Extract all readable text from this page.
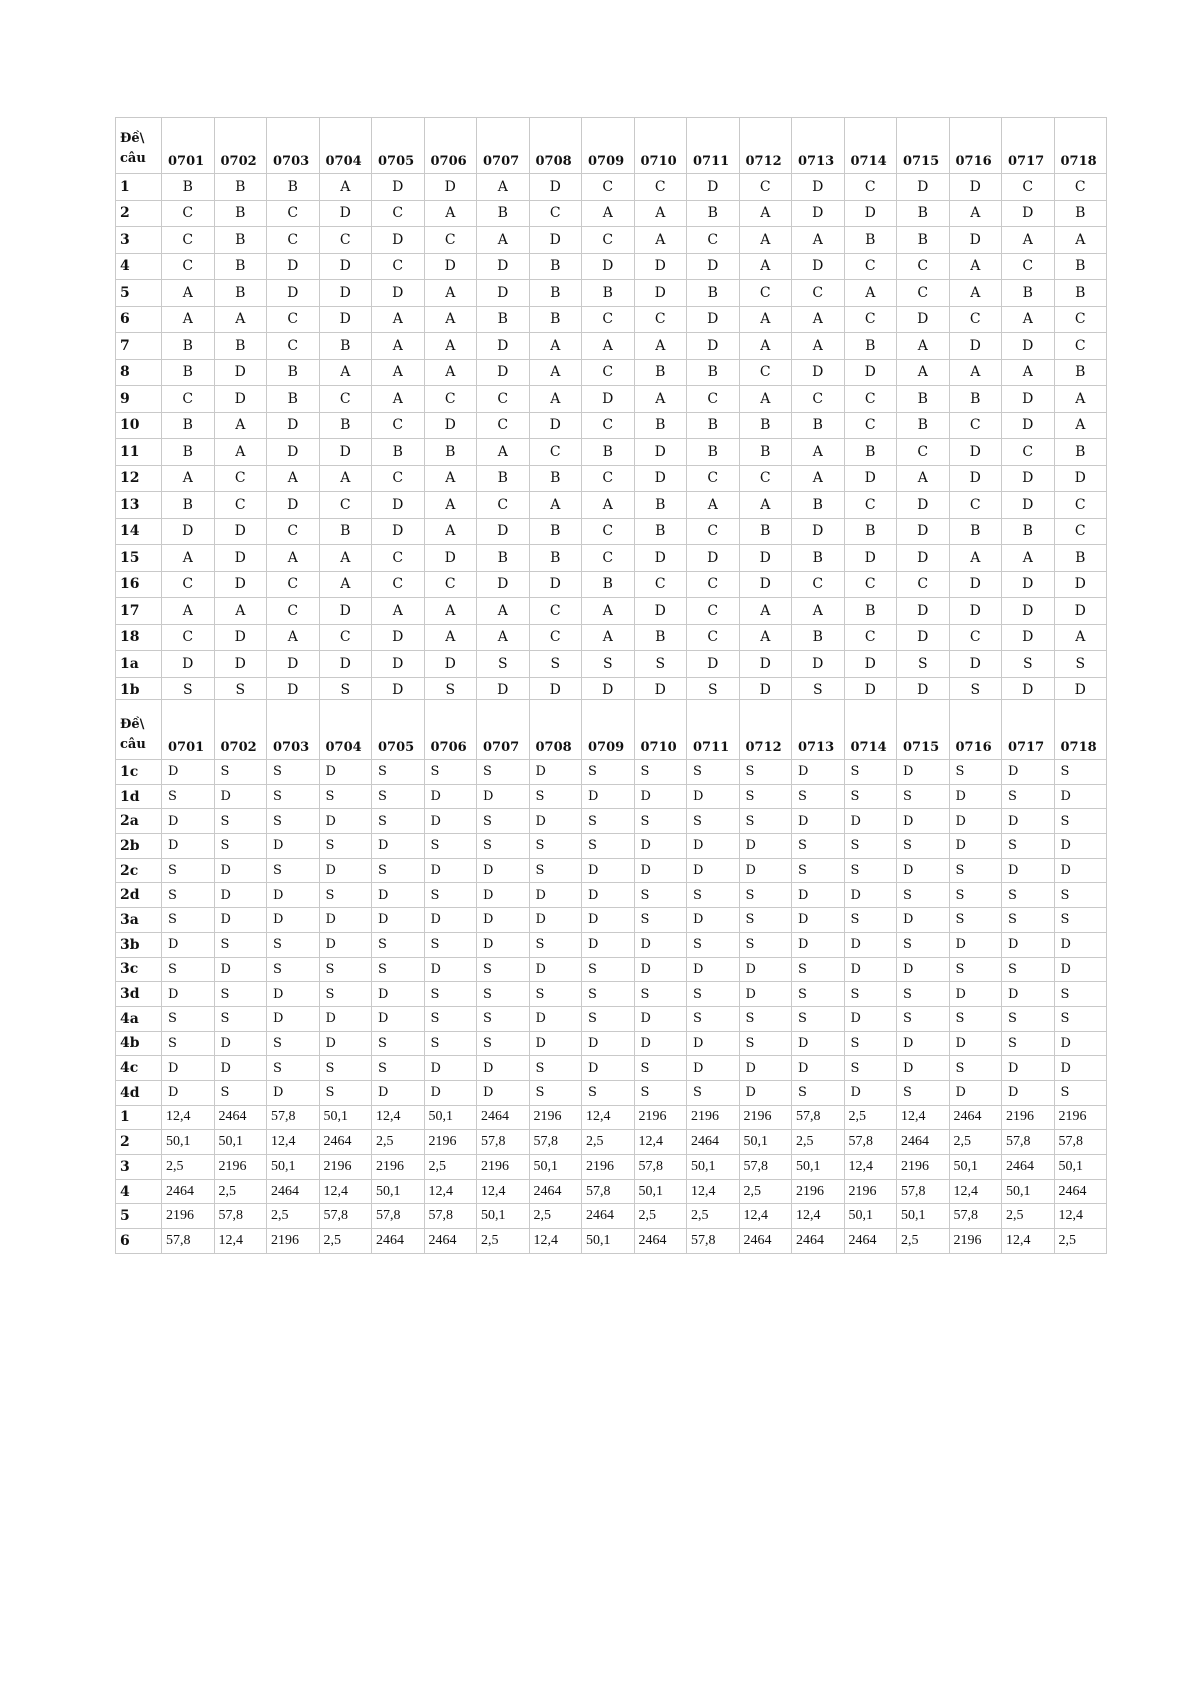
Đề\
câu	0701	0702	0703	0704	0705	0706	0707	0708	0709	0710	0711	0712	0713	0714	0715	0716	0717	0718
1	B	B	B	A	D	D	A	D	C	C	D	C	D	C	D	D	C	C
2	C	B	C	D	C	A	B	C	A	A	B	A	D	D	B	A	D	B
3	C	B	C	C	D	C	A	D	C	A	C	A	A	B	B	D	A	A
4	C	B	D	D	C	D	D	B	D	D	D	A	D	C	C	A	C	B
5	A	B	D	D	D	A	D	B	B	D	B	C	C	A	C	A	B	B
6	A	A	C	D	A	A	B	B	C	C	D	A	A	C	D	C	A	C
7	B	B	C	B	A	A	D	A	A	A	D	A	A	B	A	D	D	C
8	B	D	B	A	A	A	D	A	C	B	B	C	D	D	A	A	A	B
9	C	D	B	C	A	C	C	A	D	A	C	A	C	C	B	B	D	A
10	B	A	D	B	C	D	C	D	C	B	B	B	B	C	B	C	D	A
11	B	A	D	D	B	B	A	C	B	D	B	B	A	B	C	D	C	B
12	A	C	A	A	C	A	B	B	C	D	C	C	A	D	A	D	D	D
13	B	C	D	C	D	A	C	A	A	B	A	A	B	C	D	C	D	C
14	D	D	C	B	D	A	D	B	C	B	C	B	D	B	D	B	B	C
15	A	D	A	A	C	D	B	B	C	D	D	D	B	D	D	A	A	B
16	C	D	C	A	C	C	D	D	B	C	C	D	C	C	C	D	D	D
17	A	A	C	D	A	A	A	C	A	D	C	A	A	B	D	D	D	D
18	C	D	A	C	D	A	A	C	A	B	C	A	B	C	D	C	D	A
1a	D	D	D	D	D	D	S	S	S	S	D	D	D	D	S	D	S	S
1b	S	S	D	S	D	S	D	D	D	D	S	D	S	D	D	S	D	D
Đề\
câu	0701	0702	0703	0704	0705	0706	0707	0708	0709	0710	0711	0712	0713	0714	0715	0716	0717	0718
1c	D	S	S	D	S	S	S	D	S	S	S	S	D	S	D	S	D	S
1d	S	D	S	S	S	D	D	S	D	D	D	S	S	S	S	D	S	D
2a	D	S	S	D	S	D	S	D	S	S	S	S	D	D	D	D	D	S
2b	D	S	D	S	D	S	S	S	S	D	D	D	S	S	S	D	S	D
2c	S	D	S	D	S	D	D	S	D	D	D	D	S	S	D	S	D	D
2d	S	D	D	S	D	S	D	D	D	S	S	S	D	D	S	S	S	S
3a	S	D	D	D	D	D	D	D	D	S	D	S	D	S	D	S	S	S
3b	D	S	S	D	S	S	D	S	D	D	S	S	D	D	S	D	D	D
3c	S	D	S	S	S	D	S	D	S	D	D	D	S	D	D	S	S	D
3d	D	S	D	S	D	S	S	S	S	S	S	D	S	S	S	D	D	S
4a	S	S	D	D	D	S	S	D	S	D	S	S	S	D	S	S	S	S
4b	S	D	S	D	S	S	S	D	D	D	D	S	D	S	D	D	S	D
4c	D	D	S	S	S	D	D	S	D	S	D	D	D	S	D	S	D	D
4d	D	S	D	S	D	D	D	S	S	S	S	D	S	D	S	D	D	S
1	12,4	2464	57,8	50,1	12,4	50,1	2464	2196	12,4	2196	2196	2196	57,8	2,5	12,4	2464	2196	2196
2	50,1	50,1	12,4	2464	2,5	2196	57,8	57,8	2,5	12,4	2464	50,1	2,5	57,8	2464	2,5	57,8	57,8
3	2,5	2196	50,1	2196	2196	2,5	2196	50,1	2196	57,8	50,1	57,8	50,1	12,4	2196	50,1	2464	50,1
4	2464	2,5	2464	12,4	50,1	12,4	12,4	2464	57,8	50,1	12,4	2,5	2196	2196	57,8	12,4	50,1	2464
5	2196	57,8	2,5	57,8	57,8	57,8	50,1	2,5	2464	2,5	2,5	12,4	12,4	50,1	50,1	57,8	2,5	12,4
6	57,8	12,4	2196	2,5	2464	2464	2,5	12,4	50,1	2464	57,8	2464	2464	2464	2,5	2196	12,4	2,5
